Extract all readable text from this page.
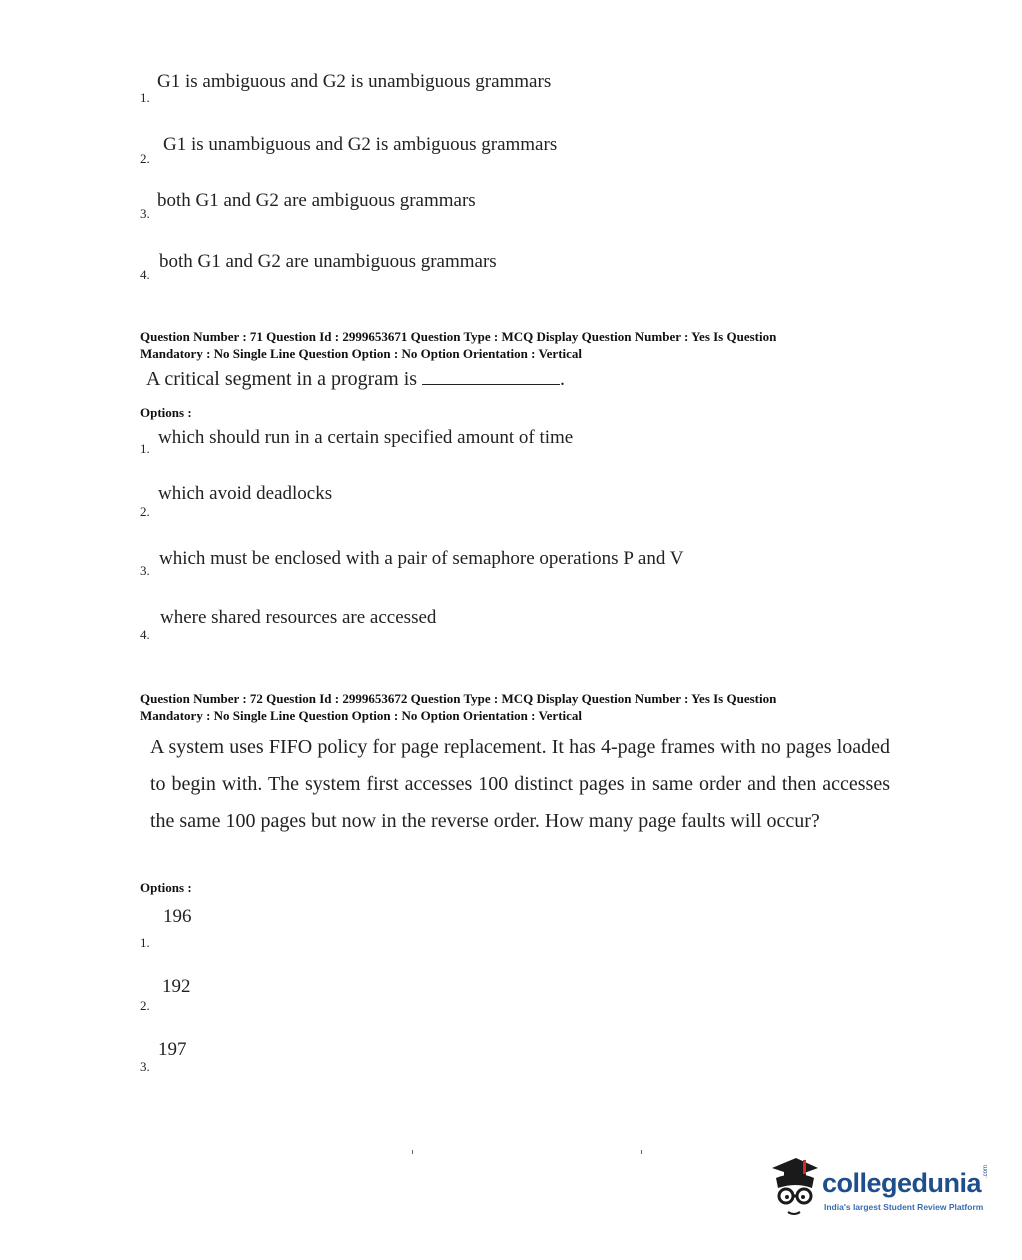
G1 is ambiguous and G2 is unambiguous grammars
1.
G1 is unambiguous and G2 is ambiguous grammars
2.
both G1 and G2 are ambiguous grammars
3.
both G1 and G2 are unambiguous grammars
4.
Question Number : 71 Question Id : 2999653671 Question Type : MCQ Display Question Number : Yes Is Question
Mandatory : No Single Line Question Option : No Option Orientation : Vertical
A critical segment in a program is	.
Options :
which should run in a certain specified amount of time
1.
which avoid deadlocks
2.
which must be enclosed with a pair of semaphore operations P and V
3.
where shared resources are accessed
4.
Question Number : 72 Question Id : 2999653672 Question Type : MCQ Display Question Number : Yes Is Question
Mandatory : No Single Line Question Option : No Option Orientation : Vertical
A system uses FIFO policy for page replacement. It has 4-page frames with no pages loaded to begin with. The system first accesses 100 distinct pages in same order and then accesses the same 100 pages but now in the reverse order. How many page faults will occur?
Options :
196
1.
192
2.
197
3.
collegedunia .com
India's largest Student Review Platform
